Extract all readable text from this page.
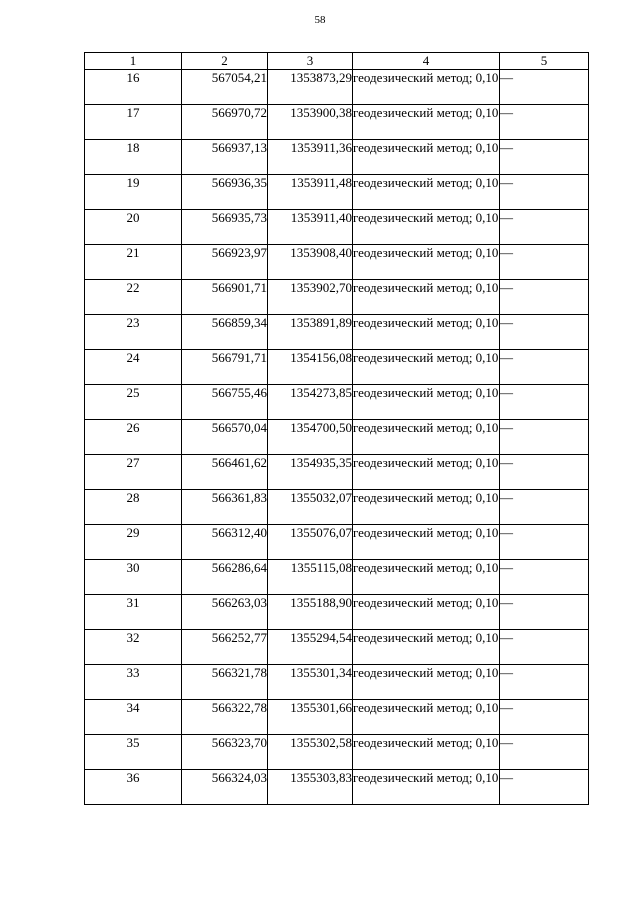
58
1	2	3	4	5
16	567054,21	1353873,29	геодезический метод; 0,10	—
17	566970,72	1353900,38	геодезический метод; 0,10	—
18	566937,13	1353911,36	геодезический метод; 0,10	—
19	566936,35	1353911,48	геодезический метод; 0,10	—
20	566935,73	1353911,40	геодезический метод; 0,10	—
21	566923,97	1353908,40	геодезический метод; 0,10	—
22	566901,71	1353902,70	геодезический метод; 0,10	—
23	566859,34	1353891,89	геодезический метод; 0,10	—
24	566791,71	1354156,08	геодезический метод; 0,10	—
25	566755,46	1354273,85	геодезический метод; 0,10	—
26	566570,04	1354700,50	геодезический метод; 0,10	—
27	566461,62	1354935,35	геодезический метод; 0,10	—
28	566361,83	1355032,07	геодезический метод; 0,10	—
29	566312,40	1355076,07	геодезический метод; 0,10	—
30	566286,64	1355115,08	геодезический метод; 0,10	—
31	566263,03	1355188,90	геодезический метод; 0,10	—
32	566252,77	1355294,54	геодезический метод; 0,10	—
33	566321,78	1355301,34	геодезический метод; 0,10	—
34	566322,78	1355301,66	геодезический метод; 0,10	—
35	566323,70	1355302,58	геодезический метод; 0,10	—
36	566324,03	1355303,83	геодезический метод; 0,10	—
